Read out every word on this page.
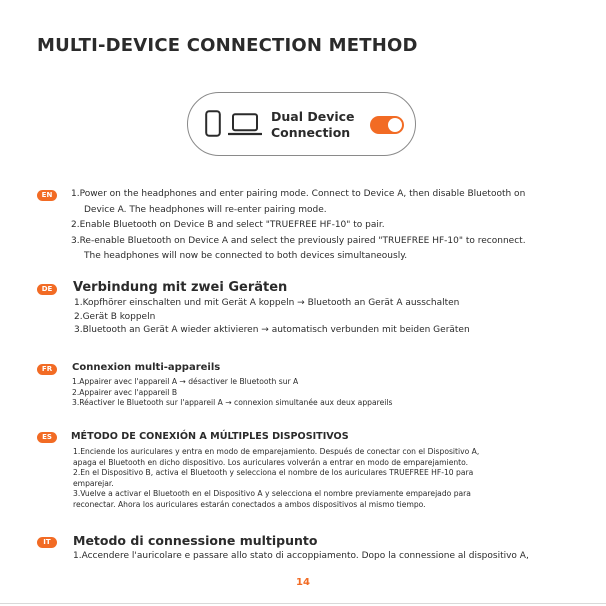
MULTI-DEVICE CONNECTION METHOD
Dual Device
Connection
EN	1.Power on the headphones and enter pairing mode. Connect to Device A, then disable Bluetooth on
Device A. The headphones will re-enter pairing mode.
2.Enable Bluetooth on Device B and select "TRUEFREE HF-10" to pair.
3.Re-enable Bluetooth on Device A and select the previously paired "TRUEFREE HF-10" to reconnect.
The headphones will now be connected to both devices simultaneously.
DE	Verbindung mit zwei Geräten
1.Kopfhörer einschalten und mit Gerät A koppeln → Bluetooth an Gerät A ausschalten
2.Gerät B koppeln
3.Bluetooth an Gerät A wieder aktivieren → automatisch verbunden mit beiden Geräten
FR	Connexion multi-appareils
1.Appairer avec l'appareil A → désactiver le Bluetooth sur A
2.Appairer avec l'appareil B
3.Réactiver le Bluetooth sur l'appareil A → connexion simultanée aux deux appareils
ES	MÉTODO DE CONEXIÓN A MÚLTIPLES DISPOSITIVOS
1.Enciende los auriculares y entra en modo de emparejamiento. Después de conectar con el Dispositivo A,
apaga el Bluetooth en dicho dispositivo. Los auriculares volverán a entrar en modo de emparejamiento.
2.En el Dispositivo B, activa el Bluetooth y selecciona el nombre de los auriculares TRUEFREE HF-10 para
emparejar.
3.Vuelve a activar el Bluetooth en el Dispositivo A y selecciona el nombre previamente emparejado para
reconectar. Ahora los auriculares estarán conectados a ambos dispositivos al mismo tiempo.
IT	Metodo di connessione multipunto
1.Accendere l'auricolare e passare allo stato di accoppiamento. Dopo la connessione al dispositivo A,
14
